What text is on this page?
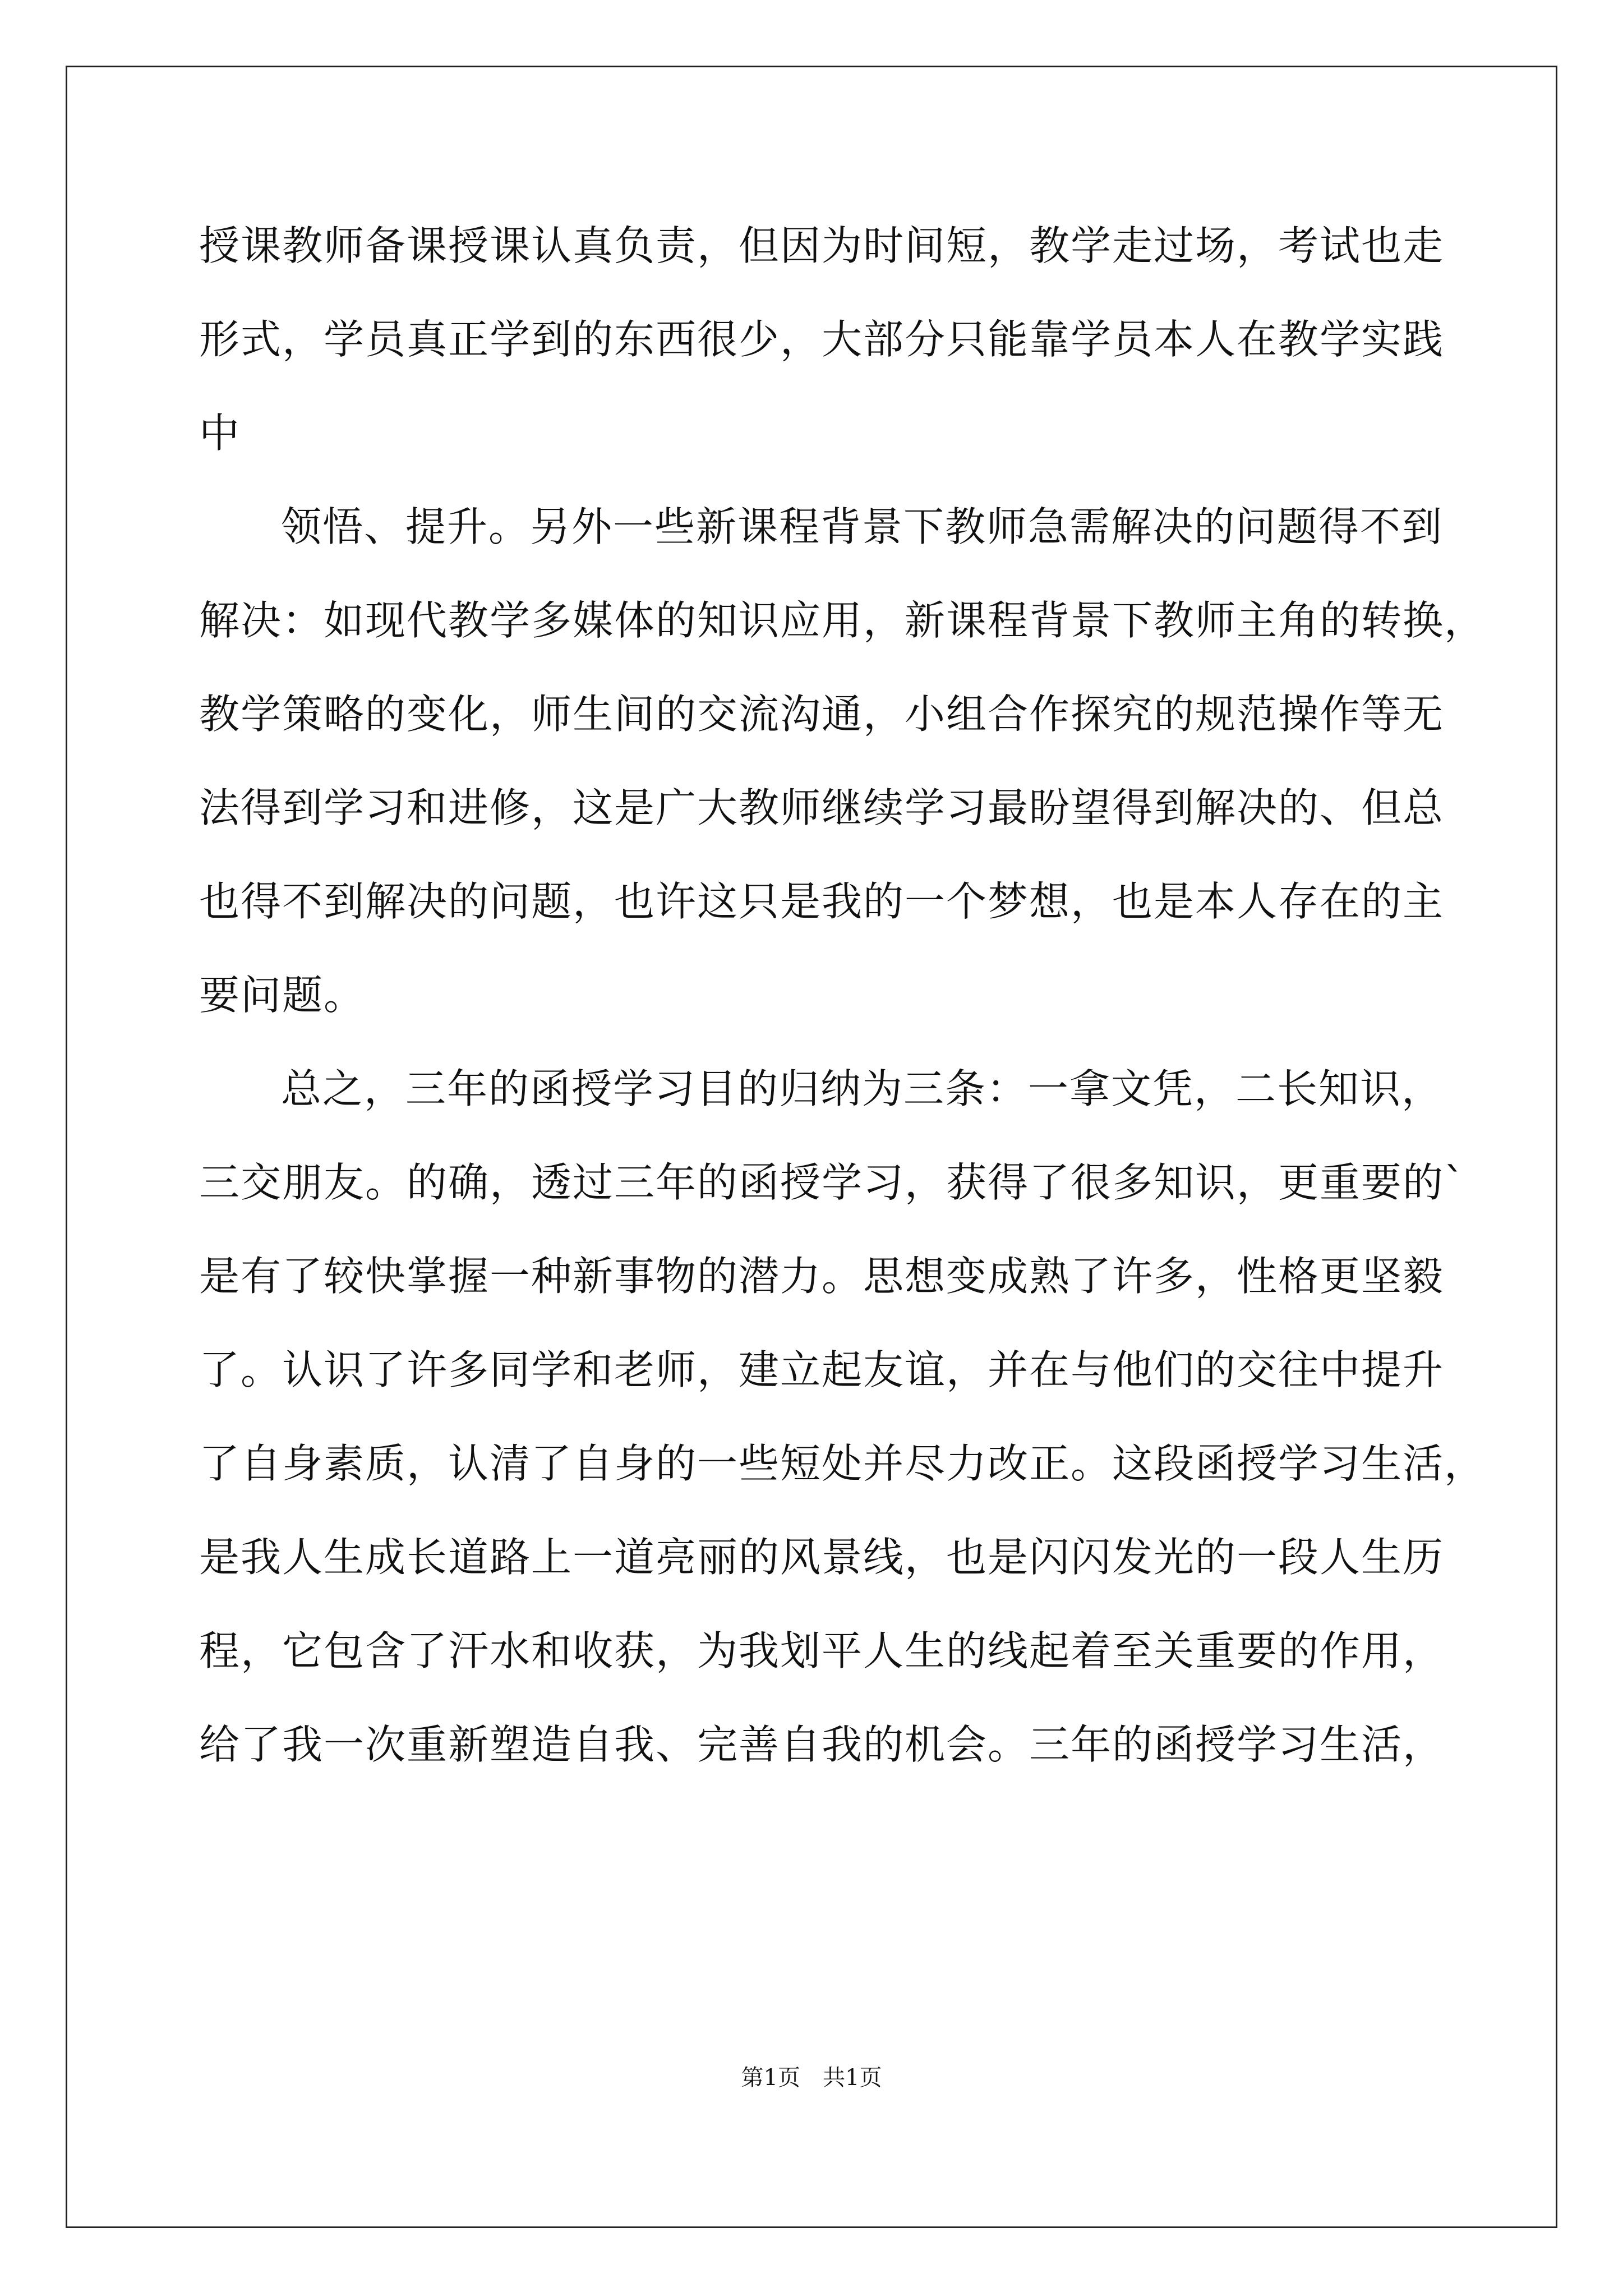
授课教师备课授课认真负责，但因为时间短，教学走过场，考试也走
形式，学员真正学到的东西很少，大部分只能靠学员本人在教学实践
中
领悟、提升。另外一些新课程背景下教师急需解决的问题得不到
解决：如现代教学多媒体的知识应用，新课程背景下教师主角的转换，
教学策略的变化，师生间的交流沟通，小组合作探究的规范操作等无
法得到学习和进修，这是广大教师继续学习最盼望得到解决的、但总
也得不到解决的问题，也许这只是我的一个梦想，也是本人存在的主
要问题。
总之，三年的函授学习目的归纳为三条：一拿文凭，二长知识，
三交朋友。的确，透过三年的函授学习，获得了很多知识，更重要的`
是有了较快掌握一种新事物的潜力。思想变成熟了许多，性格更坚毅
了。认识了许多同学和老师，建立起友谊，并在与他们的交往中提升
了自身素质，认清了自身的一些短处并尽力改正。这段函授学习生活，
是我人生成长道路上一道亮丽的风景线，也是闪闪发光的一段人生历
程，它包含了汗水和收获，为我划平人生的线起着至关重要的作用，
给了我一次重新塑造自我、完善自我的机会。三年的函授学习生活，
第1页　共1页
